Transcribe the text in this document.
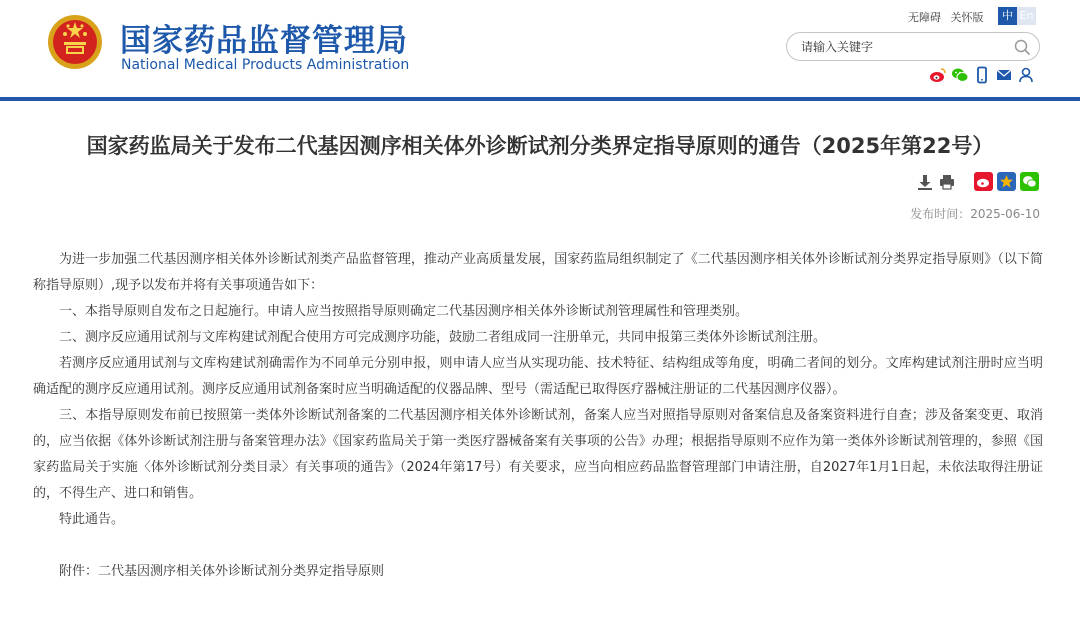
国家药品监督管理局
National Medical Products Administration
无障碍 关怀版	中 En
请输入关键字
国家药监局关于发布二代基因测序相关体外诊断试剂分类界定指导原则的通告（2025年第22号）
发布时间：2025-06-10

为进一步加强二代基因测序相关体外诊断试剂类产品监督管理，推动产业高质量发展，国家药监局组织制定了《二代基因测序相关体外诊断试剂分类界定指导原则》（以下简称指导原则）,现予以发布并将有关事项通告如下：

一、本指导原则自发布之日起施行。申请人应当按照指导原则确定二代基因测序相关体外诊断试剂管理属性和管理类别。

二、测序反应通用试剂与文库构建试剂配合使用方可完成测序功能，鼓励二者组成同一注册单元，共同申报第三类体外诊断试剂注册。

若测序反应通用试剂与文库构建试剂确需作为不同单元分别申报，则申请人应当从实现功能、技术特征、结构组成等角度，明确二者间的划分。文库构建试剂注册时应当明确适配的测序反应通用试剂。测序反应通用试剂备案时应当明确适配的仪器品牌、型号（需适配已取得医疗器械注册证的二代基因测序仪器）。

三、本指导原则发布前已按照第一类体外诊断试剂备案的二代基因测序相关体外诊断试剂，备案人应当对照指导原则对备案信息及备案资料进行自查；涉及备案变更、取消的，应当依据《体外诊断试剂注册与备案管理办法》《国家药监局关于第一类医疗器械备案有关事项的公告》办理；根据指导原则不应作为第一类体外诊断试剂管理的，参照《国家药监局关于实施〈体外诊断试剂分类目录〉有关事项的通告》（2024年第17号）有关要求，应当向相应药品监督管理部门申请注册，自2027年1月1日起，未依法取得注册证的，不得生产、进口和销售。

特此通告。

附件：二代基因测序相关体外诊断试剂分类界定指导原则
